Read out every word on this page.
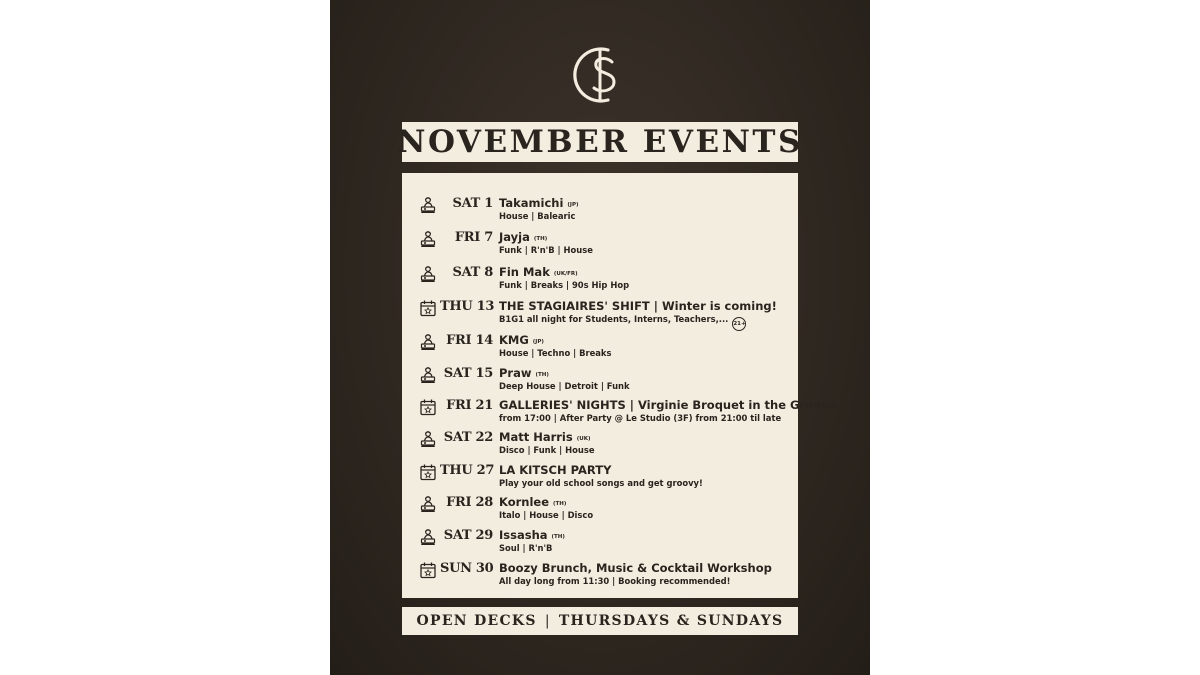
NOVEMBER EVENTS
SAT 1 Takamichi (JP)
House | Balearic
FRI 7 Jayja (TH)
Funk | R'n'B | House
SAT 8 Fin Mak (UK/FR)
Funk | Breaks | 90s Hip Hop
THU 13 THE STAGIAIRES' SHIFT | Winter is coming!
B1G1 all night for Students, Interns, Teachers,... 21+
FRI 14 KMG (JP)
House | Techno | Breaks
SAT 15 Praw (TH)
Deep House | Detroit | Funk
FRI 21 GALLERIES' NIGHTS | Virginie Broquet in the Groove
from 17:00 | After Party @ Le Studio (3F) from 21:00 til late
SAT 22 Matt Harris (UK)
Disco | Funk | House
THU 27 LA KITSCH PARTY
Play your old school songs and get groovy!
FRI 28 Kornlee (TH)
Italo | House | Disco
SAT 29 Issasha (TH)
Soul | R'n'B
SUN 30 Boozy Brunch, Music & Cocktail Workshop
All day long from 11:30 | Booking recommended!
OPEN DECKS | THURSDAYS & SUNDAYS
